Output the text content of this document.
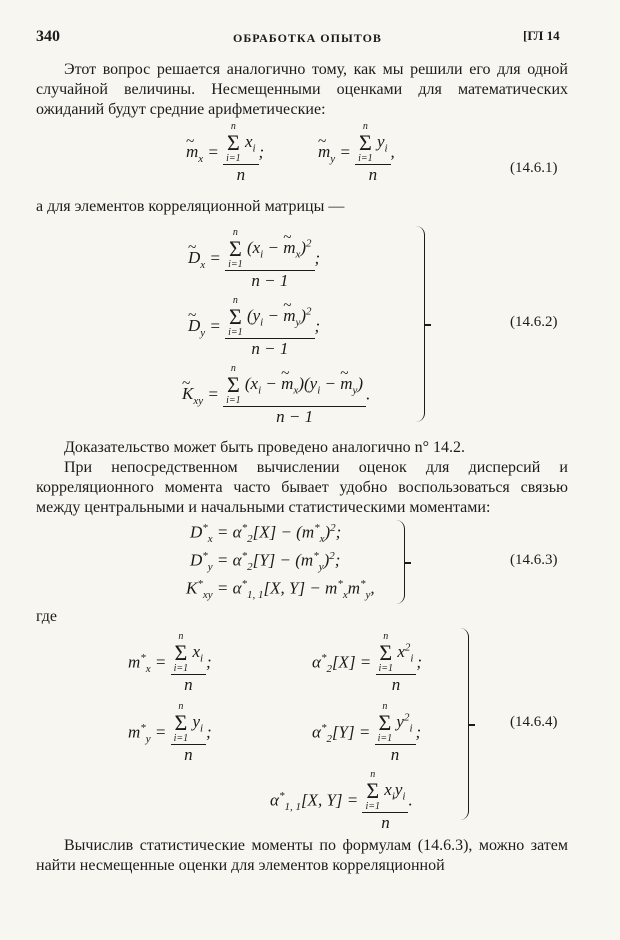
340	ОБРАБОТКА ОПЫТОВ	[ГЛ 14
Этот вопрос решается аналогично тому, как мы решили его для одной случайной величины. Несмещенными оценками для математических ожиданий будут средние арифметические:
~ $m_x = n$
Σ
i=1
$x_i$
n ;
~	$m_y = n$
Σ
i=1
$y_i$
n ,
(14.6.1)
а для элементов корреляционной матрицы —
~ $D_x = n$
Σ
i=1
($x_i$ − ~ $m_x)^2$
n − 1 ;
~ $D_y = n$
Σ
i=1
($y_i$ − ~ $m_y)^2$
n − 1 ;
~ $K_{xy} = n$
Σ
i=1
($x_i$ − ~ $m_x)(y_i$ − ~ $m_y$)
n − 1 .
(14.6.2)
Доказательство может быть проведено аналогично n° 14.2.
При непосредственном вычислении оценок для дисперсий и корреляционного момента часто бывает удобно воспользоваться связью между центральными и начальными статистическими моментами:
$D^*_x = \alpha^*_2[X] - (m^*_x)^2$;
$D^*_y = \alpha^*_2[Y] - (m^*_y)^2$;
$K^*_{xy} = \alpha^*_{1, 1}[X$, $Y] - m^*_xm^*_y$,
(14.6.3)
где
$m^*_x = n$
Σ
i=1
$x_i$
n ;
$m^*_y = n$
Σ
i=1
$y_i$
n ;
$\alpha^*_2[X] = n$
Σ
i=1
$x^2_i$
n ;
$\alpha^*_2[Y] = n$
Σ
i=1
$y^2_i$
n ;
$\alpha^*_{1, 1}[X$, Y] = n
Σ
i=1
$x_iy_i$
n .
(14.6.4)
Вычислив статистические моменты по формулам (14.6.3), можно затем найти несмещенные оценки для элементов корреляционной
